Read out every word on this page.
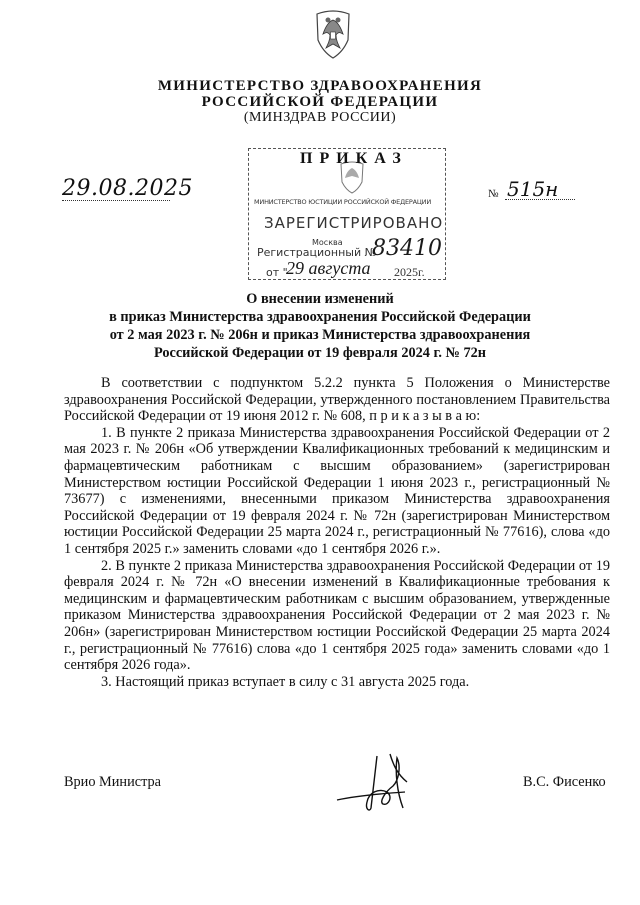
МИНИСТЕРСТВО ЗДРАВООХРАНЕНИЯ
РОССИЙСКОЙ ФЕДЕРАЦИИ
(МИНЗДРАВ РОССИИ)
ПРИКАЗ
МИНИСТЕРСТВО ЮСТИЦИИ РОССИЙСКОЙ ФЕДЕРАЦИИ
ЗАРЕГИСТРИРОВАНО
Москва
Регистрационный №
83410
от "
29 августа 2025г.
29.08.2025	№ 515н
О внесении изменений
в приказ Министерства здравоохранения Российской Федерации
от 2 мая 2023 г. № 206н и приказ Министерства здравоохранения
Российской Федерации от 19 февраля 2024 г. № 72н

В соответствии с подпунктом 5.2.2 пункта 5 Положения о Министерстве здравоохранения Российской Федерации, утвержденного постановлением Правительства Российской Федерации от 19 июня 2012 г. № 608, п р и к а з ы в а ю:

1. В пункте 2 приказа Министерства здравоохранения Российской Федерации от 2 мая 2023 г. № 206н «Об утверждении Квалификационных требований к медицинским и фармацевтическим работникам с высшим образованием» (зарегистрирован Министерством юстиции Российской Федерации 1 июня 2023 г., регистрационный № 73677) с изменениями, внесенными приказом Министерства здравоохранения Российской Федерации от 19 февраля 2024 г. № 72н (зарегистрирован Министерством юстиции Российской Федерации 25 марта 2024 г., регистрационный № 77616), слова «до 1 сентября 2025 г.» заменить словами «до 1 сентября 2026 г.».

2. В пункте 2 приказа Министерства здравоохранения Российской Федерации от 19 февраля 2024 г. № 72н «О внесении изменений в Квалификационные требования к медицинским и фармацевтическим работникам с высшим образованием, утвержденные приказом Министерства здравоохранения Российской Федерации от 2 мая 2023 г. № 206н» (зарегистрирован Министерством юстиции Российской Федерации 25 марта 2024 г., регистрационный № 77616) слова «до 1 сентября 2025 года» заменить словами «до 1 сентября 2026 года».

3. Настоящий приказ вступает в силу с 31 августа 2025 года.

Врио Министра	В.С. Фисенко
